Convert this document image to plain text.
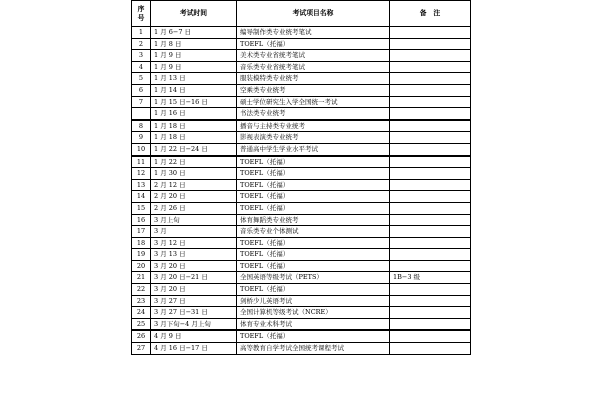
序
号	考试时间	考试项目名称	备　注
1	1 月 6−7 日	编导制作类专业统考笔试	
2	1 月 8 日	TOEFL（托福）	
3	1 月 9 日	美术类专业省统考笔试	
4	1 月 9 日	音乐类专业省统考笔试	
5	1 月 13 日	服装模特类专业统考	
6	1 月 14 日	空乘类专业统考	
7	1 月 15 日−16 日	硕士学位研究生入学全国统一考试	
	1 月 16 日	书法类专业统考	
8	1 月 18 日	播音与主持类专业统考	
9	1 月 18 日	影视表演类专业统考	
10	1 月 22 日−24 日	普通高中学生学业水平考试	
11	1 月 22 日	TOEFL（托福）	
12	1 月 30 日	TOEFL（托福）	
13	2 月 12 日	TOEFL（托福）	
14	2 月 20 日	TOEFL（托福）	
15	2 月 26 日	TOEFL（托福）	
16	3 月上旬	体育舞蹈类专业统考	
17	3 月	音乐类专业个体测试	
18	3 月 12 日	TOEFL（托福）	
19	3 月 13 日	TOEFL（托福）	
20	3 月 20 日	TOEFL（托福）	
21	3 月 20 日−21 日	全国英语等级考试（PETS）	1B−3 级
22	3 月 20 日	TOEFL（托福）	
23	3 月 27 日	剑桥少儿英语考试	
24	3 月 27 日−31 日	全国计算机等级考试（NCRE）	
25	3 月下旬−4 月上旬	体育专业术科考试	
26	4 月 9 日	TOEFL（托福）	
27	4 月 16 日−17 日	高等教育自学考试全国统考课程考试	
